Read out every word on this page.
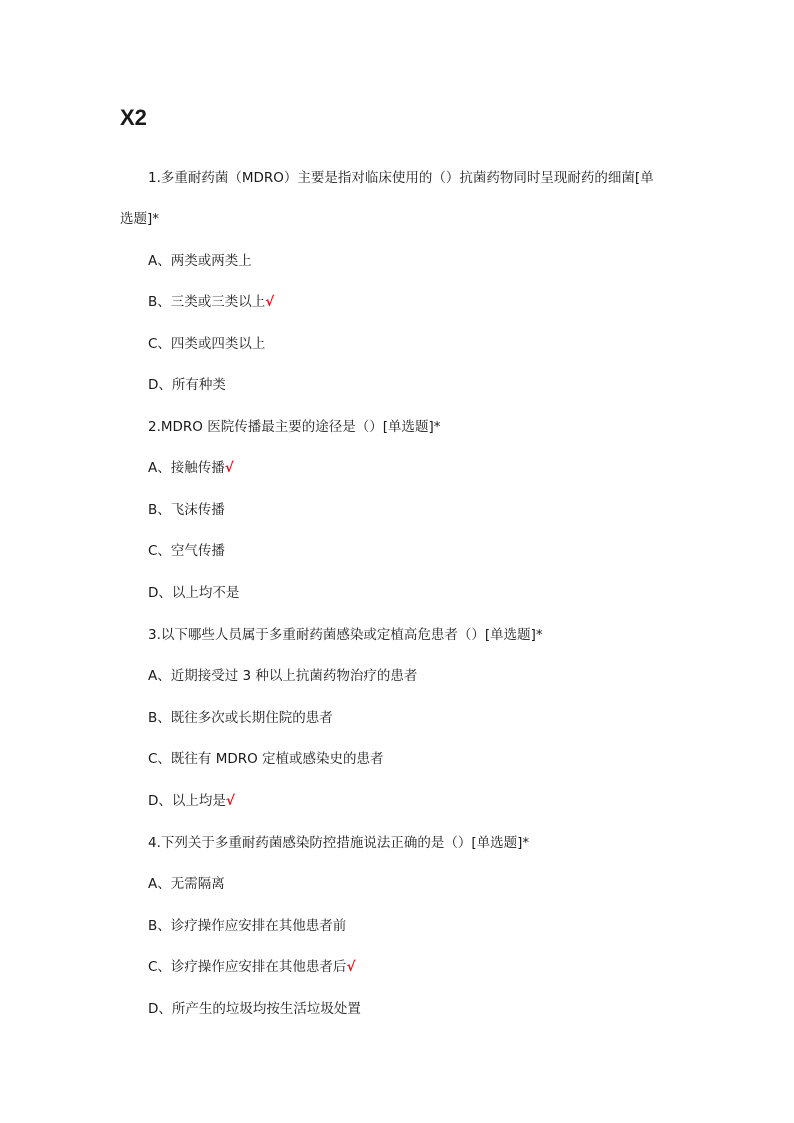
X2
1.多重耐药菌（MDRO）主要是指对临床使用的（）抗菌药物同时呈现耐药的细菌[单
选题]*
A、两类或两类上
B、三类或三类以上√
C、四类或四类以上
D、所有种类
2.MDRO 医院传播最主要的途径是（）[单选题]*
A、接触传播√
B、飞沫传播
C、空气传播
D、以上均不是
3.以下哪些人员属于多重耐药菌感染或定植高危患者（）[单选题]*
A、近期接受过 3 种以上抗菌药物治疗的患者
B、既往多次或长期住院的患者
C、既往有 MDRO 定植或感染史的患者
D、以上均是√
4.下列关于多重耐药菌感染防控措施说法正确的是（）[单选题]*
A、无需隔离
B、诊疗操作应安排在其他患者前
C、诊疗操作应安排在其他患者后√
D、所产生的垃圾均按生活垃圾处置
